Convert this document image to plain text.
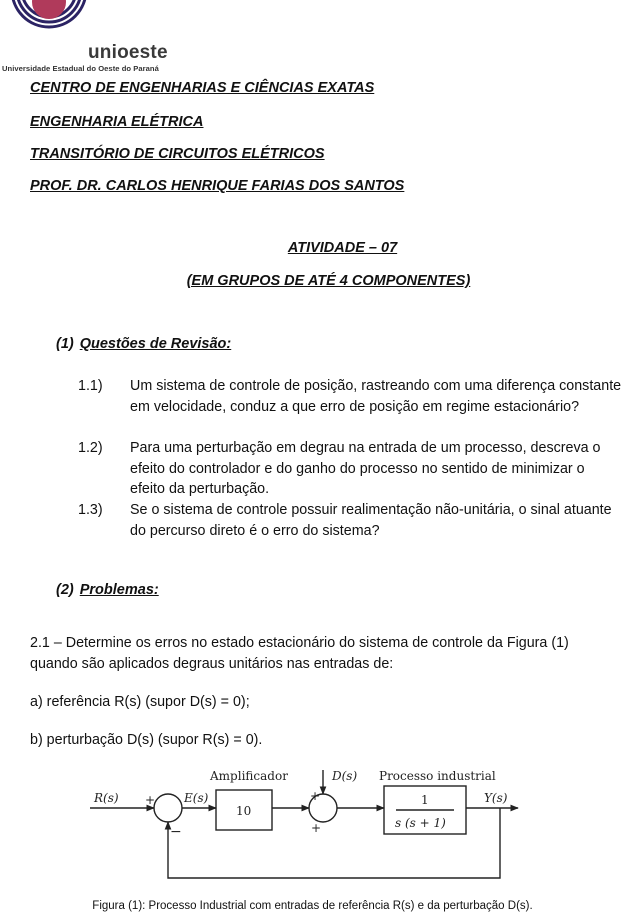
unioeste
Universidade Estadual do Oeste do Paraná
CENTRO DE ENGENHARIAS E CIÊNCIAS EXATAS
ENGENHARIA ELÉTRICA
TRANSITÓRIO DE CIRCUITOS ELÉTRICOS
PROF. DR. CARLOS HENRIQUE FARIAS DOS SANTOS
ATIVIDADE – 07
(EM GRUPOS DE ATÉ 4 COMPONENTES)
(1) Questões de Revisão:
1.1) Um sistema de controle de posição, rastreando com uma diferença constante em velocidade, conduz a que erro de posição em regime estacionário?
1.2) Para uma perturbação em degrau na entrada de um processo, descreva o efeito do controlador e do ganho do processo no sentido de minimizar o efeito da perturbação.
1.3) Se o sistema de controle possuir realimentação não-unitária, o sinal atuante do percurso direto é o erro do sistema?
(2) Problemas:
2.1 – Determine os erros no estado estacionário do sistema de controle da Figura (1)
quando são aplicados degraus unitários nas entradas de:
a) referência R(s) (supor D(s) = 0);
b) perturbação D(s) (supor R(s) = 0).
R(s) +
−
E(s)
Amplificador
10
D(s)
+
+
Processo industrial
1
s (s + 1)
Y(s)
Figura (1): Processo Industrial com entradas de referência R(s) e da perturbação D(s).
